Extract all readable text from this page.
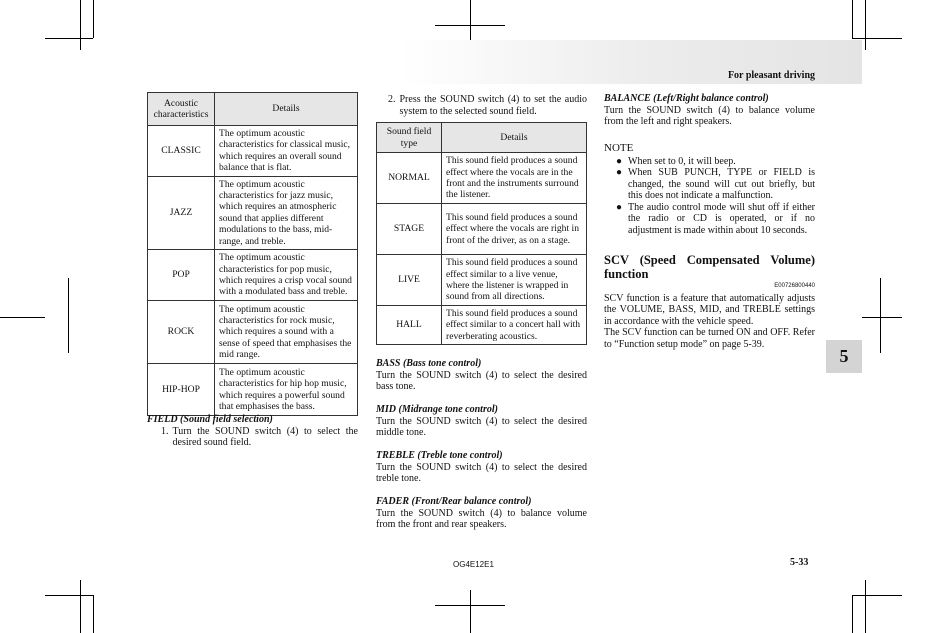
For pleasant driving
Acoustic characteristics	Details
CLASSIC	The optimum acoustic characteristics for classical music, which requires an overall sound balance that is flat.
JAZZ	The optimum acoustic characteristics for jazz music, which requires an atmospheric sound that applies different modulations to the bass, mid-range, and treble.
POP	The optimum acoustic characteristics for pop music, which requires a crisp vocal sound with a modulated bass and treble.
ROCK	The optimum acoustic characteristics for rock music, which requires a sound with a sense of speed that emphasises the mid range.
HIP-HOP	The optimum acoustic characteristics for hip hop music, which requires a powerful sound that emphasises the bass.
FIELD (Sound field selection)
1. Turn the SOUND switch (4) to select the desired sound field.
2. Press the SOUND switch (4) to set the audio system to the selected sound field.
Sound field type	Details
NORMAL	This sound field produces a sound effect where the vocals are in the front and the instruments surround the listener.
STAGE	This sound field produces a sound effect where the vocals are right in front of the driver, as on a stage.
LIVE	This sound field produces a sound effect similar to a live venue, where the listener is wrapped in sound from all directions.
HALL	This sound field produces a sound effect similar to a concert hall with reverberating acoustics.
BASS (Bass tone control)
Turn the SOUND switch (4) to select the desired bass tone.
MID (Midrange tone control)
Turn the SOUND switch (4) to select the desired middle tone.
TREBLE (Treble tone control)
Turn the SOUND switch (4) to select the desired treble tone.
FADER (Front/Rear balance control)
Turn the SOUND switch (4) to balance volume from the front and rear speakers.
BALANCE (Left/Right balance control)
Turn the SOUND switch (4) to balance volume from the left and right speakers.
NOTE
● When set to 0, it will beep.
● When SUB PUNCH, TYPE or FIELD is changed, the sound will cut out briefly, but this does not indicate a malfunction.
● The audio control mode will shut off if either the radio or CD is operated, or if no adjustment is made within about 10 seconds.
SCV (Speed Compensated Volume) function
E00726800440
SCV function is a feature that automatically adjusts the VOLUME, BASS, MID, and TREBLE settings in accordance with the vehicle speed.
The SCV function can be turned ON and OFF. Refer to “Function setup mode” on page 5-39.
5
OG4E12E1	5-33
